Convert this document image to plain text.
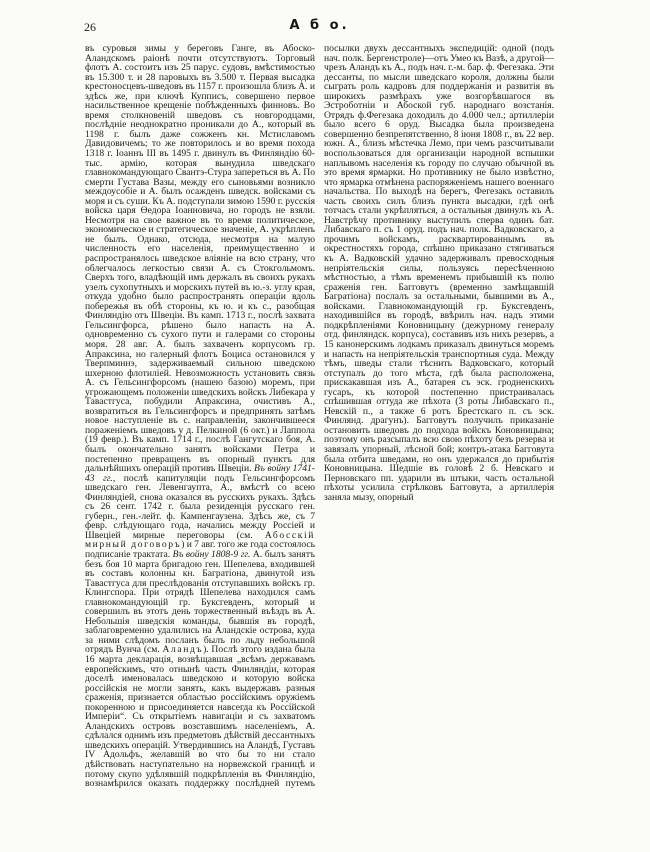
26	А б о.
въ суровыя зимы у береговъ Ганге, въ Абоско-Аландскомъ раіонѣ почти отсутствуютъ. Торговый флотъ А. состоитъ изъ 25 парус. судовъ, вмѣстимостью въ 15.300 т. и 28 паровыхъ въ 3.500 т. Первая высадка крестоносцевъ-шведовъ въ 1157 г. произошла близъ А. и здѣсь же, при ключѣ Купписъ, совершено первое насильственное крещеніе побѣжденныхъ финновъ. Во время столкновеній шведовъ съ новгородцами, послѣдніе неоднократно проникали до А., который въ 1198 г. былъ даже сожженъ кн. Мстиславомъ Давидовичемъ; то же повторилось и во время похода 1318 г. Іоаннъ III въ 1495 г. двинулъ въ Финляндію 60-тыс. армію, которая вынудила шведскаго главнокомандующаго Свантэ-Стура запереться въ А. По смерти Густава Вазы, между его сыновьями возникло междоусобіе и А. былъ осажденъ шведск. войсками съ моря и съ суши. Къ А. подступали зимою 1590 г. русскія войска царя Ѳедора Іоанновича, но городъ не взяли. Несмотря на свое важное въ то время политическое, экономическое и стратегическое значеніе, А. укрѣпленъ не былъ. Однако, отсюда, несмотря на малую численность его населенія, преимущественно и распространялось шведское вліяніе на всю страну, что облегчалось легкостью связи А. съ Стокгольмомъ. Сверхъ того, владѣющій имъ держалъ въ своихъ рукахъ узелъ сухопутныхъ и морскихъ путей въ ю.-з. углу края, откуда удобно было распространять операціи вдоль побережья въ обѣ стороны, къ ю. и къ с., разобщая Финляндію отъ Швеціи. Въ камп. 1713 г., послѣ захвата Гельсингфорса, рѣшено было напасть на А. одновременно съ сухого пути и галерами со стороны моря. 28 авг. А. былъ захваченъ корпусомъ гр. Апраксина, но галерный флотъ Боциса остановился у Тверпминнэ, задерживаемый сильною шведскою шхерною флотиліей. Невозможность установить связь А. съ Гельсингфорсомъ (нашею базою) моремъ, при угрожающемъ положеніи шведскихъ войскъ Либекара у Тавастгуса, побудили Апраксина, очистивъ А., возвратиться въ Гельсингфорсъ и предпринять затѣмъ новое наступленіе въ с. направленіи, закончившееся пораженіемъ шведовъ у д. Пелкиной (6 окт.) и Лаппола (19 февр.). Въ камп. 1714 г., послѣ Гангутскаго боя, А. былъ окончательно занятъ войсками Петра и постепенно превращенъ въ опорный пунктъ для дальнѣйшихъ операцій противъ Швеціи. Въ войну 1741-43 гг., послѣ капитуляціи подъ Гельсингфорсомъ шведскаго ген. Левенгаупта, А., вмѣстѣ со всею Финляндіей, снова оказался въ русскихъ рукахъ. Здѣсь съ 26 сент. 1742 г. была резиденція русскаго ген. губерн., ген.-лейт. ф. Кампенгаузена. Здѣсь же, съ 7 февр. слѣдующаго года, начались между Россіей и Швеціей мирные переговоры (см. Абосскій мирный договоръ) и 7 авг. того же года состоялось подписаніе трактата. Въ войну 1808-9 гг. А. былъ занятъ безъ боя 10 марта бригадою ген. Шепелева, входившей въ составъ колонны кн. Багратіона, двинутой изъ Тавастгуса для преслѣдованія отступавшихъ войскъ гр. Клингспора. При отрядѣ Шепелева находился самъ главнокомандующій гр. Буксгевденъ, который и совершилъ въ этотъ день торжественный въѣздъ въ А. Небольшія шведскія команды, бывшія въ городѣ, заблаговременно удалились на Аландскіе острова, куда за ними слѣдомъ посланъ былъ по льду небольшой отрядъ Вунча (см. Аландъ). Послѣ этого издана была 16 марта декларація, возвѣщавшая „всѣмъ державамъ европейскимъ, что отнынѣ часть Финляндіи, которая доселѣ именовалась шведскою и которую войска россійскія не могли занять, какъ выдержавъ разныя сраженія, признается областью россійскимъ оружіемъ покоренною и присоединяется навсегда къ Россійской Имперіи“. Съ открытіемъ навигаціи и съ захватомъ Аландскихъ островъ возставшимъ населеніемъ, А. сдѣлался однимъ изъ предметовъ дѣйствій дессантныхъ шведскихъ операцій. Утвердившись на Аландѣ, Густавъ IV Адольфъ, желавшій во что бы то ни стало дѣйствовать наступательно на норвежской границѣ и потому скупо удѣлявшій подкрѣпленія въ Финляндію, вознамѣрился оказать поддержку послѣдней путемъ посылки двухъ дессантныхъ экспедицій: одной (подъ нач. полк. Бергенстроле)—отъ Умео къ Вазѣ, а другой—чрезъ Аландъ къ А., подъ нач. г.-м. бар. ф. Фегезака. Эти дессанты, по мысли шведскаго короля, должны были сыграть роль кадровъ для поддержанія и развитія въ широкихъ размѣрахъ уже возгорѣвшагося въ Эстроботніи и Абоской губ. народнаго возстанія. Отрядъ ф.Фегезака доходилъ до 4.000 чел.; артиллеріи было всего 6 оруд. Высадка была произведена совершенно безпрепятственно, 8 іюня 1808 г., въ 22 вер. южн. А., близъ мѣстечка Лемо, при чемъ разсчитывали воспользоваться для организаціи народной вспышки наплывомъ населенія къ городу по случаю обычной въ это время ярмарки. Но противнику не было извѣстно, что ярмарка отмѣнена распоряженіемъ нашего военнаго начальства. По выходѣ на берегъ, Фегезакъ оставилъ часть своихъ силъ близъ пункта высадки, гдѣ онѣ тотчасъ стали укрѣпляться, а остальныя двинулъ къ А. Навстрѣчу противнику выступилъ сперва одинъ бат. Либавскаго п. съ 1 оруд. подъ нач. полк. Вадковскаго, а прочимъ войскамъ, расквартированнымъ въ окрестностяхъ города, спѣшно приказано стягиваться къ А. Вадковскій удачно задерживалъ превосходныя непріятельскія силы, пользуясь пересѣченною мѣстностью, а тѣмъ временемъ прибывшій къ полю сраженія ген. Багговутъ (временно замѣщавшій Багратіона) послалъ за остальными, бывшими въ А., войсками. Главнокомандующій гр. Буксгевденъ, находившійся въ городѣ, ввѣрилъ нач. надъ этими подкрѣпленіями Коновницыну (дежурному генералу отд. финляндск. корпуса), составивъ изъ нихъ резервъ, а 15 канонерскимъ лодкамъ приказалъ двинуться моремъ и напасть на непріятельскія транспортныя суда. Между тѣмъ, шведы стали тѣснить Вадковскаго, который отступалъ до того мѣста, гдѣ была расположена, прискакавшая изъ А., батарея съ эск. гродненскихъ гусаръ, къ которой постепенно пристраивалась спѣшившая оттуда же пѣхота (3 роты Либавскаго п., Невскій п., а также 6 ротъ Брестскаго п. съ эск. Финлянд. драгунъ). Багговутъ получилъ приказаніе остановить шведовъ до подхода войскъ Коновницына; поэтому онъ разсыпалъ всю свою пѣхоту безъ резерва и завязалъ упорный, лѣсной бой; контръ-атака Багговута была отбита шведами, но онъ удержался до прибытія Коновницына. Шедшіе въ головѣ 2 б. Невскаго и Перновскаго пп. ударили въ штыки, часть остальной пѣхоты усилила стрѣлковъ Багговута, а артиллерія заняла мызу, опорный
